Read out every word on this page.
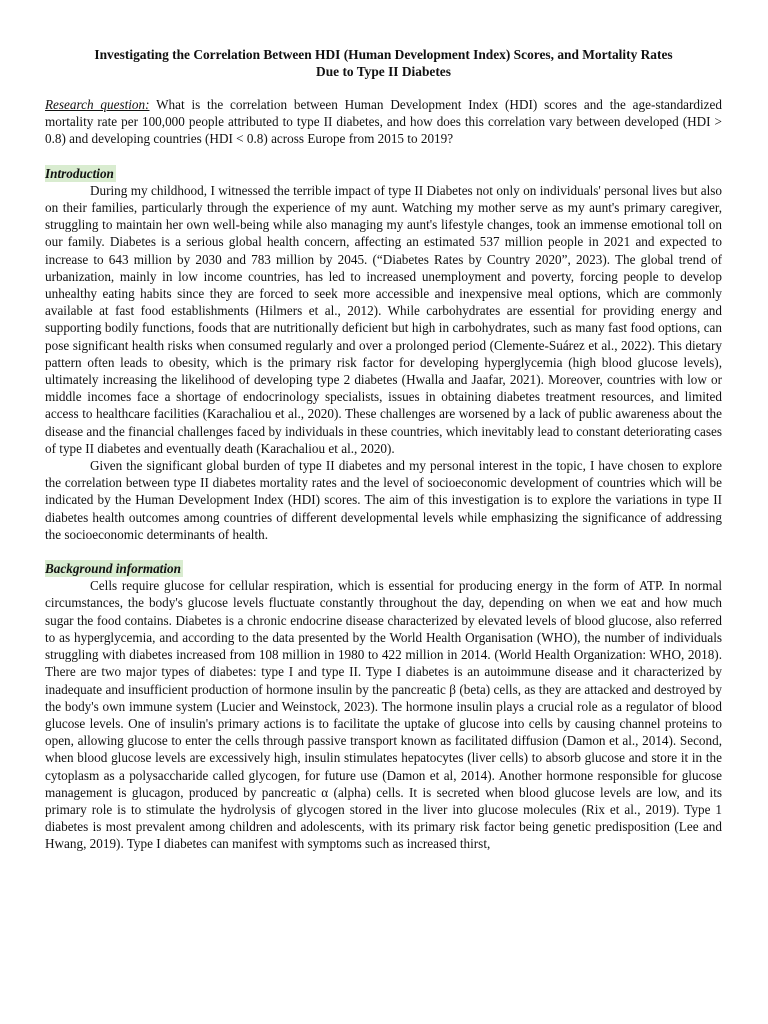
Investigating the Correlation Between HDI (Human Development Index) Scores, and Mortality Rates
Due to Type II Diabetes

Research question: What is the correlation between Human Development Index (HDI) scores and the age-standardized mortality rate per 100,000 people attributed to type II diabetes, and how does this correlation vary between developed (HDI > 0.8) and developing countries (HDI < 0.8) across Europe from 2015 to 2019?

Introduction

During my childhood, I witnessed the terrible impact of type II Diabetes not only on individuals' personal lives but also on their families, particularly through the experience of my aunt. Watching my mother serve as my aunt's primary caregiver, struggling to maintain her own well-being while also managing my aunt's lifestyle changes, took an immense emotional toll on our family. Diabetes is a serious global health concern, affecting an estimated 537 million people in 2021 and expected to increase to 643 million by 2030 and 783 million by 2045. (“Diabetes Rates by Country 2020”, 2023). The global trend of urbanization, mainly in low income countries, has led to increased unemployment and poverty, forcing people to develop unhealthy eating habits since they are forced to seek more accessible and inexpensive meal options, which are commonly available at fast food establishments (Hilmers et al., 2012). While carbohydrates are essential for providing energy and supporting bodily functions, foods that are nutritionally deficient but high in carbohydrates, such as many fast food options, can pose significant health risks when consumed regularly and over a prolonged period (Clemente-Suárez et al., 2022). This dietary pattern often leads to obesity, which is the primary risk factor for developing hyperglycemia (high blood glucose levels), ultimately increasing the likelihood of developing type 2 diabetes (Hwalla and Jaafar, 2021). Moreover, countries with low or middle incomes face a shortage of endocrinology specialists, issues in obtaining diabetes treatment resources, and limited access to healthcare facilities (Karachaliou et al., 2020). These challenges are worsened by a lack of public awareness about the disease and the financial challenges faced by individuals in these countries, which inevitably lead to constant deteriorating cases of type II diabetes and eventually death (Karachaliou et al., 2020).

Given the significant global burden of type II diabetes and my personal interest in the topic, I have chosen to explore the correlation between type II diabetes mortality rates and the level of socioeconomic development of countries which will be indicated by the Human Development Index (HDI) scores. The aim of this investigation is to explore the variations in type II diabetes health outcomes among countries of different developmental levels while emphasizing the significance of addressing the socioeconomic determinants of health.

Background information

Cells require glucose for cellular respiration, which is essential for producing energy in the form of ATP. In normal circumstances, the body's glucose levels fluctuate constantly throughout the day, depending on when we eat and how much sugar the food contains. Diabetes is a chronic endocrine disease characterized by elevated levels of blood glucose, also referred to as hyperglycemia, and according to the data presented by the World Health Organisation (WHO), the number of individuals struggling with diabetes increased from 108 million in 1980 to 422 million in 2014. (World Health Organization: WHO, 2018). There are two major types of diabetes: type I and type II. Type I diabetes is an autoimmune disease and it characterized by inadequate and insufficient production of hormone insulin by the pancreatic β (beta) cells, as they are attacked and destroyed by the body's own immune system (Lucier and Weinstock, 2023). The hormone insulin plays a crucial role as a regulator of blood glucose levels. One of insulin's primary actions is to facilitate the uptake of glucose into cells by causing channel proteins to open, allowing glucose to enter the cells through passive transport known as facilitated diffusion (Damon et al., 2014). Second, when blood glucose levels are excessively high, insulin stimulates hepatocytes (liver cells) to absorb glucose and store it in the cytoplasm as a polysaccharide called glycogen, for future use (Damon et al, 2014). Another hormone responsible for glucose management is glucagon, produced by pancreatic α (alpha) cells. It is secreted when blood glucose levels are low, and its primary role is to stimulate the hydrolysis of glycogen stored in the liver into glucose molecules (Rix et al., 2019). Type 1 diabetes is most prevalent among children and adolescents, with its primary risk factor being genetic predisposition (Lee and Hwang, 2019). Type I diabetes can manifest with symptoms such as increased thirst,
